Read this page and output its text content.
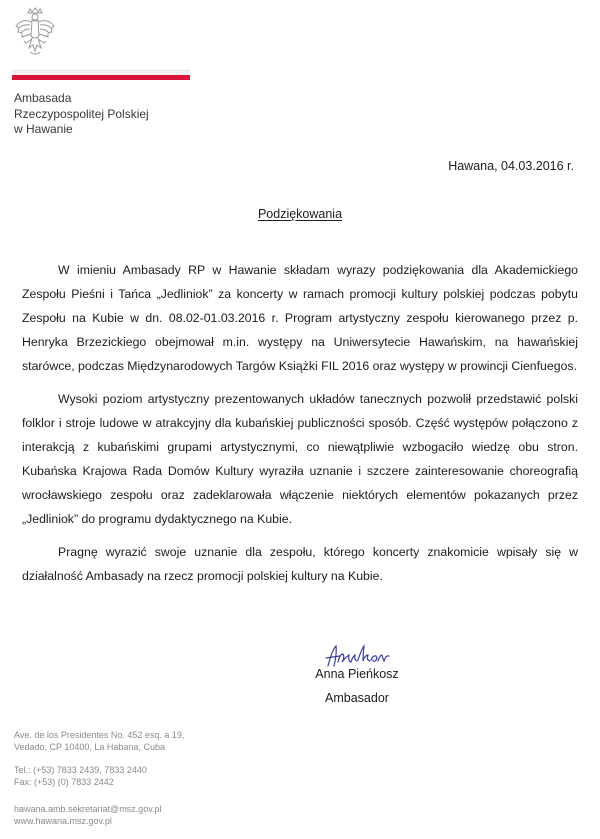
Ambasada
Rzeczypospolitej Polskiej
w Hawanie
Hawana, 04.03.2016 r.
Podziękowania

W imieniu Ambasady RP w Hawanie składam wyrazy podziękowania dla Akademickiego Zespołu Pieśni i Tańca „Jedliniok” za koncerty w ramach promocji kultury polskiej podczas pobytu Zespołu na Kubie w dn. 08.02-01.03.2016 r. Program artystyczny zespołu kierowanego przez p. Henryka Brzezickiego obejmował m.in. występy na Uniwersytecie Hawańskim, na hawańskiej starówce, podczas Międzynarodowych Targów Książki FIL 2016 oraz występy w prowincji Cienfuegos.

Wysoki poziom artystyczny prezentowanych układów tanecznych pozwolił przedstawić polski folklor i stroje ludowe w atrakcyjny dla kubańskiej publiczności sposób. Część występów połączono z interakcją z kubańskimi grupami artystycznymi, co niewątpliwie wzbogaciło wiedzę obu stron. Kubańska Krajowa Rada Domów Kultury wyraziła uznanie i szczere zainteresowanie choreografią wrocławskiego zespołu oraz zadeklarowała włączenie niektórych elementów pokazanych przez „Jedliniok” do programu dydaktycznego na Kubie.

Pragnę wyrazić swoje uznanie dla zespołu, którego koncerty znakomicie wpisały się w działalność Ambasady na rzecz promocji polskiej kultury na Kubie.

Anna Pieńkosz
Ambasador
Ave. de los Presidentes No. 452 esq. a 19,
Vedado, CP 10400, La Habana, Cuba
Tel.: (+53) 7833 2439, 7833 2440
Fax: (+53) (0) 7833 2442
hawana.amb.sekretariat@msz.gov.pl
www.hawana.msz.gov.pl
